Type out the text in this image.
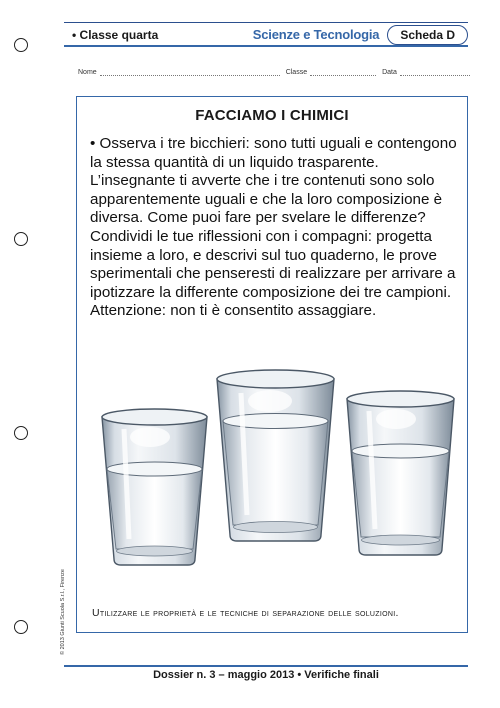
• Classe quarta	Scienze e Tecnologia	Scheda D
Nome	Classe	Data
FACCIAMO I CHIMICI
• Osserva i tre bicchieri: sono tutti uguali e contengono la stessa quantità di un liquido trasparente. L’insegnante ti avverte che i tre contenuti sono solo apparentemente uguali e che la loro composizione è diversa. Come puoi fare per svelare le differenze? Condividi le tue riflessioni con i compagni: progetta insieme a loro, e descrivi sul tuo quaderno, le prove sperimentali che penseresti di realizzare per arrivare a ipotizzare la differente composizione dei tre campioni. Attenzione: non ti è consentito assaggiare.
Utilizzare le proprietà e le tecniche di separazione delle soluzioni.
© 2013 Giunti Scuola S.r.l., Firenze
Dossier n. 3 – maggio 2013 • Verifiche finali
